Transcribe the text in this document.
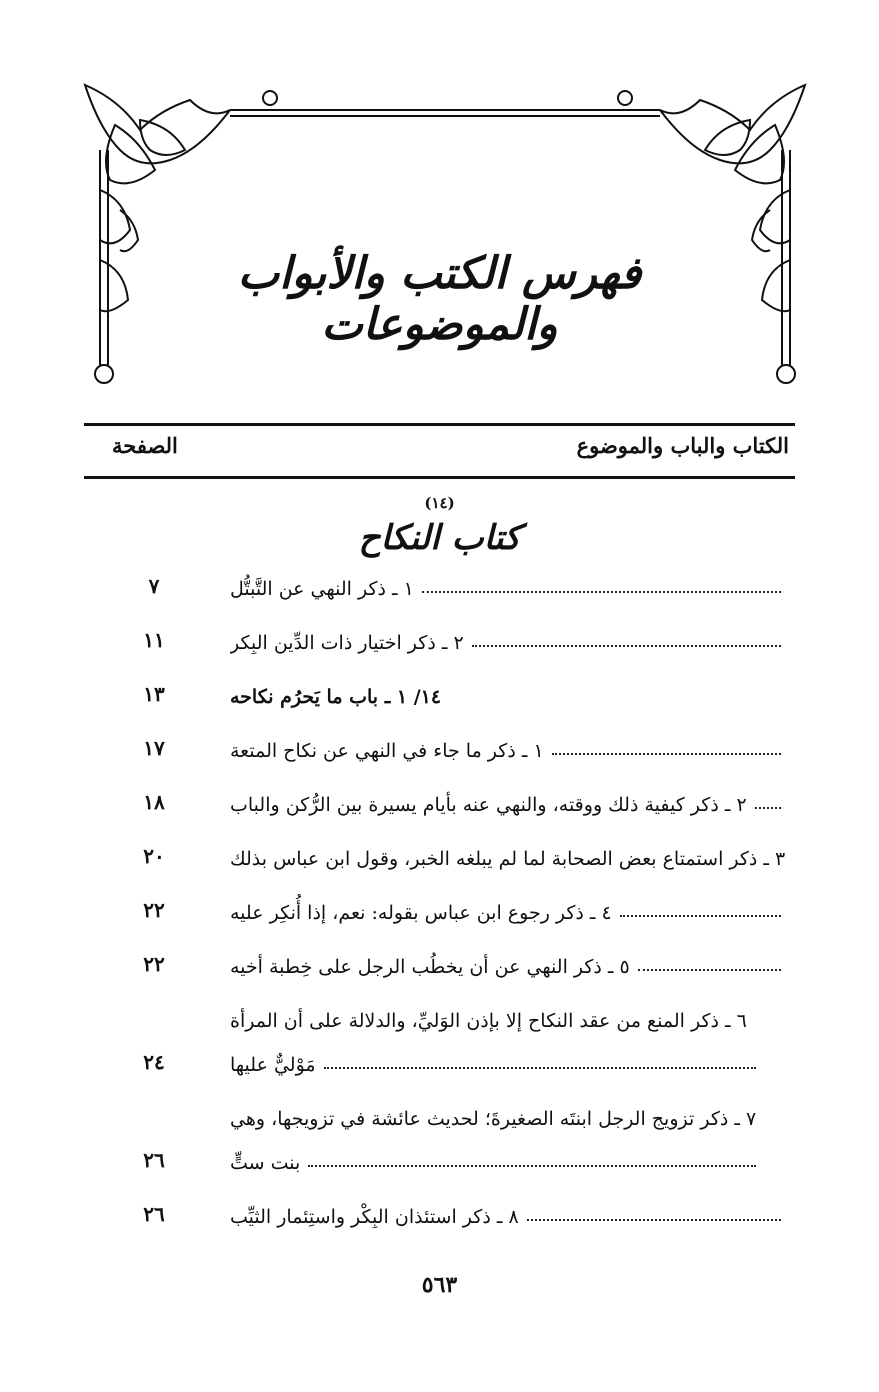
فهرس الكتب والأبواب والموضوعات
الكتاب والباب والموضوع
الصفحة
(١٤)
كتاب النكاح
١ ـ ذكر النهي عن التَّبتُّل
٧
٢ ـ ذكر اختيار ذات الدِّين البِكر
١١
١٤/ ١ ـ باب ما يَحرُم نكاحه
١٣
١ ـ ذكر ما جاء في النهي عن نكاح المتعة
١٧
٢ ـ ذكر كيفية ذلك ووقته، والنهي عنه بأيام يسيرة بين الرُّكن والباب
١٨
٣ ـ ذكر استمتاع بعض الصحابة لما لم يبلغه الخبر، وقول ابن عباس بذلك
٢٠
٤ ـ ذكر رجوع ابن عباس بقوله: نعم، إذا أُنكِر عليه
٢٢
٥ ـ ذكر النهي عن أن يخطُب الرجل على خِطبة أخيه
٢٢
٦ ـ ذكر المنع من عقد النكاح إلا بإذن الوَليِّ، والدلالة على أن المرأة
مَوْليٌّ عليها
٢٤
٧ ـ ذكر تزويج الرجل ابنتَه الصغيرةَ؛ لحديث عائشة في تزويجها، وهي
بنت ستٍّ
٢٦
٨ ـ ذكر استئذان البِكْر واستِئمار الثيِّب
٢٦
٥٦٣
